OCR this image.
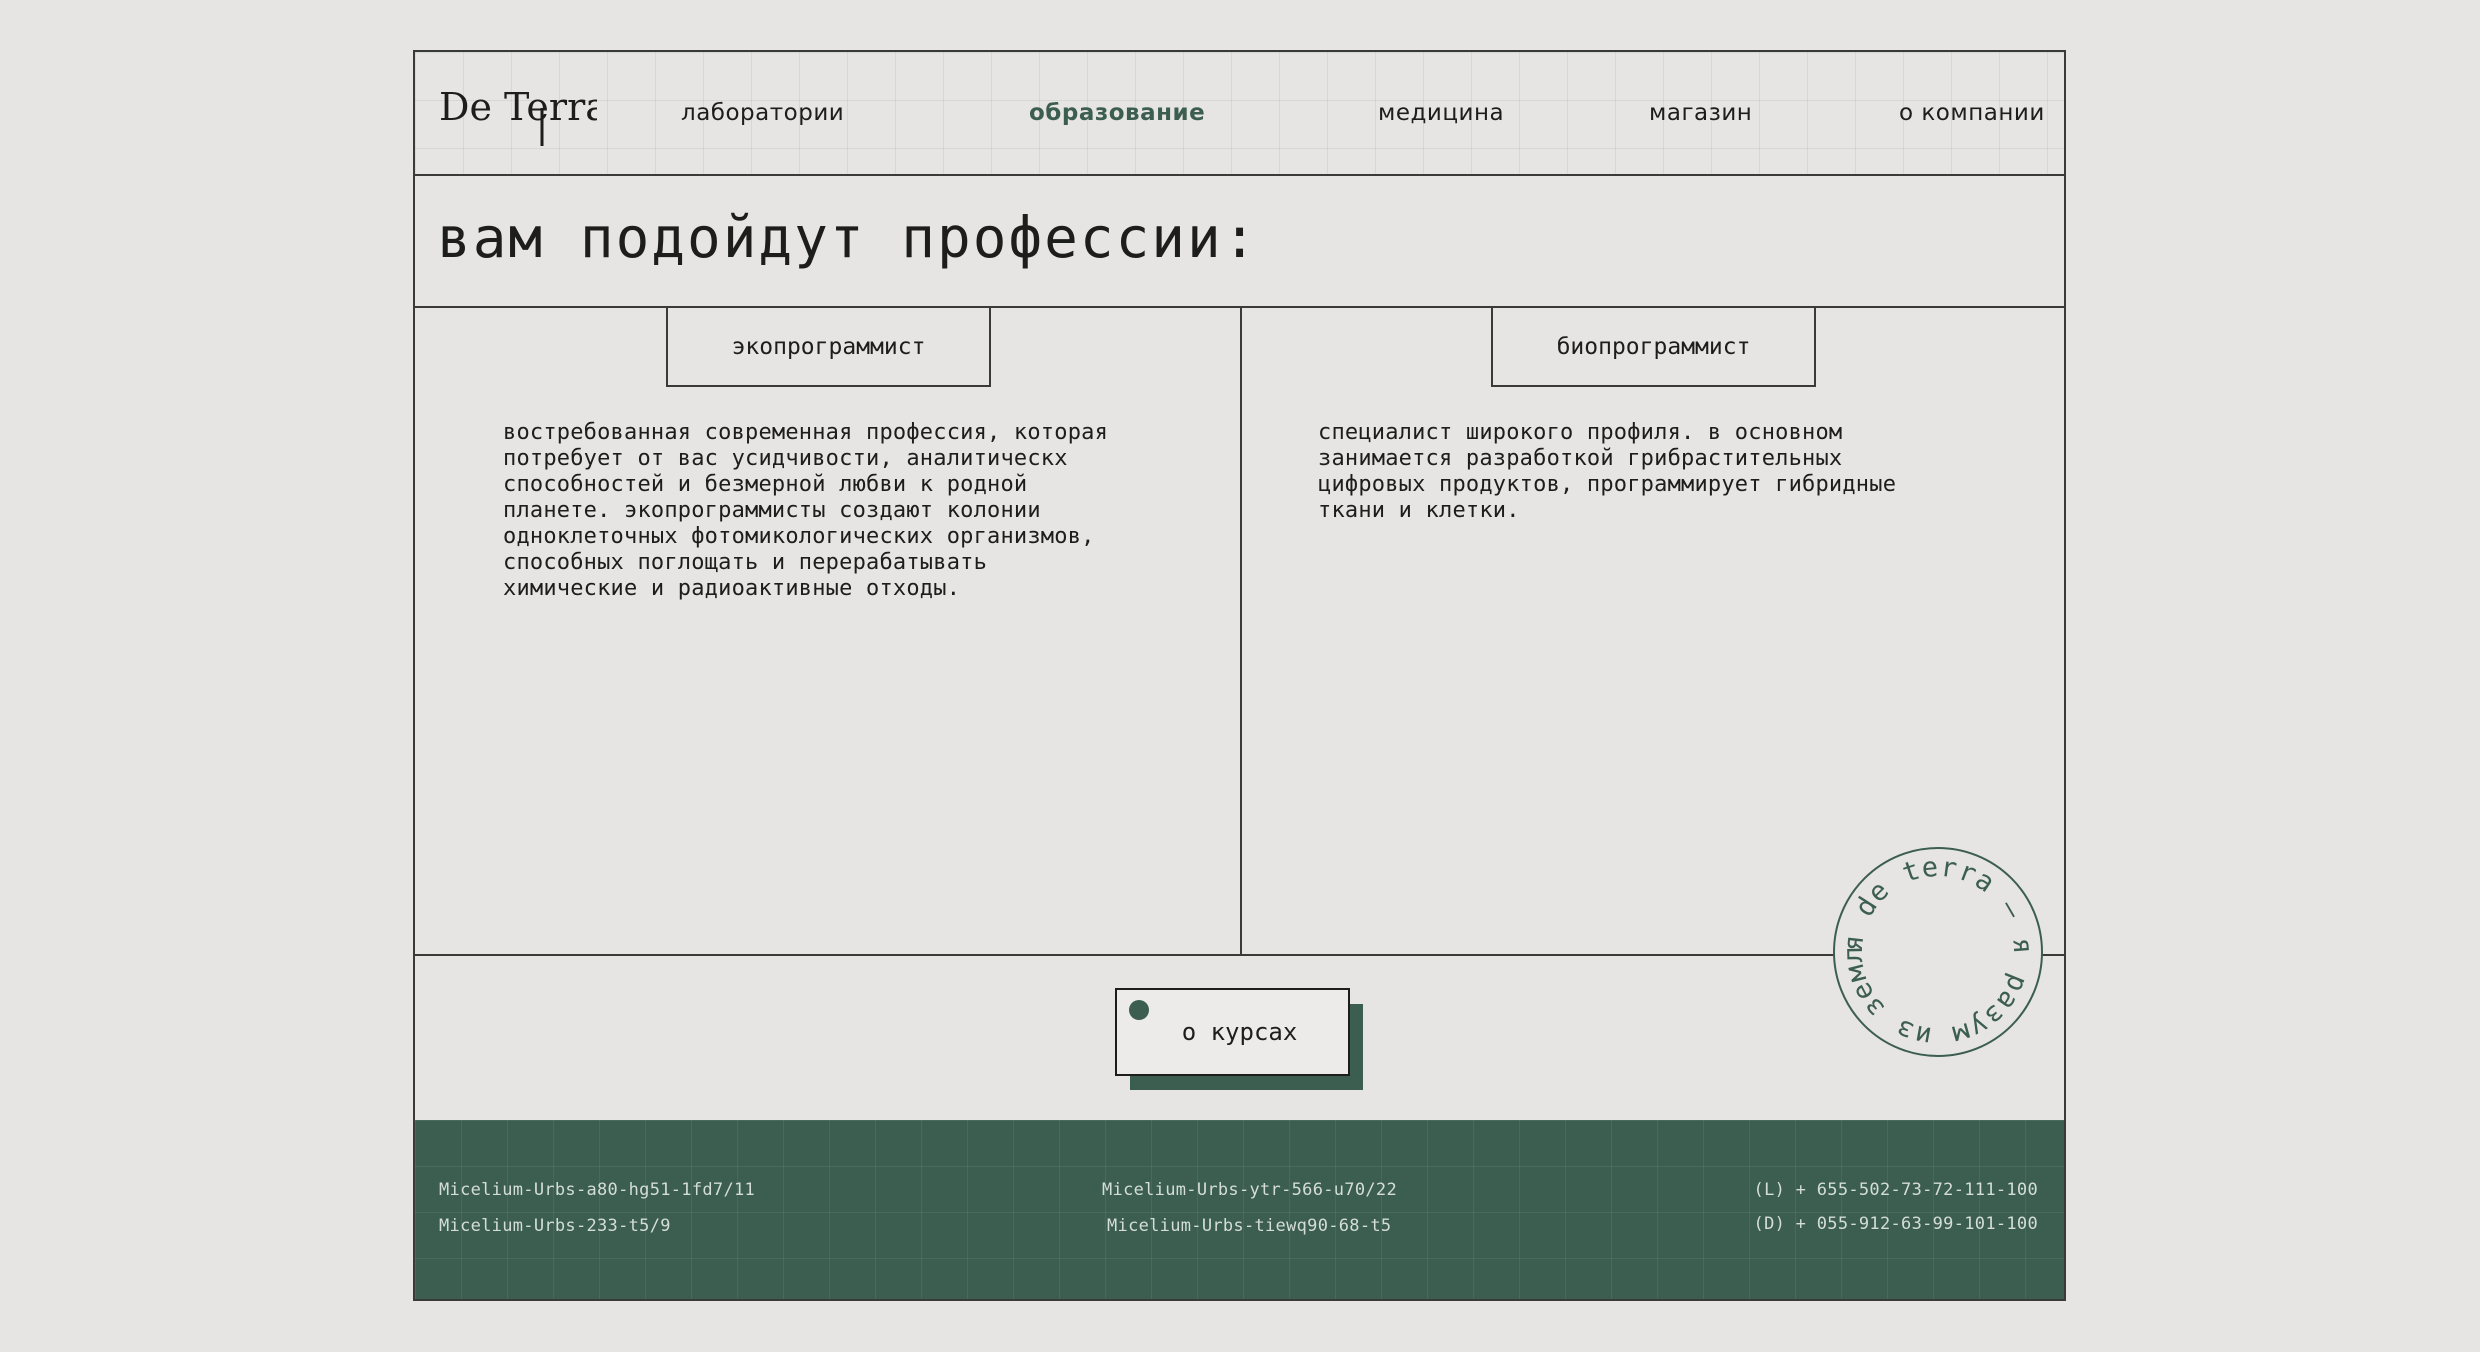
De Terra	лаборатории	образование	медицина	магазин	о компании
вам подойдут профессии:
экопрограммист
востребованная современная профессия, которая
потребует от вас усидчивости, аналитическх
способностей и безмерной любви к родной
планете. экопрограммисты создают колонии
одноклеточных фотомикологических организмов,
способных поглощать и перерабатывать
химические и радиоактивные отходы.
биопрограммист
специалист широкого профиля. в основном
занимается разработкой грибрастительных
цифровых продуктов, программирует гибридные
ткани и клетки.
о курсах
я de terra — я разум из земл
Micelium-Urbs-a80-hg51-1fd7/11
Micelium-Urbs-233-t5/9
Micelium-Urbs-ytr-566-u70/22
Micelium-Urbs-tiewq90-68-t5
(L) + 655-502-73-72-111-100
(D) + 055-912-63-99-101-100
